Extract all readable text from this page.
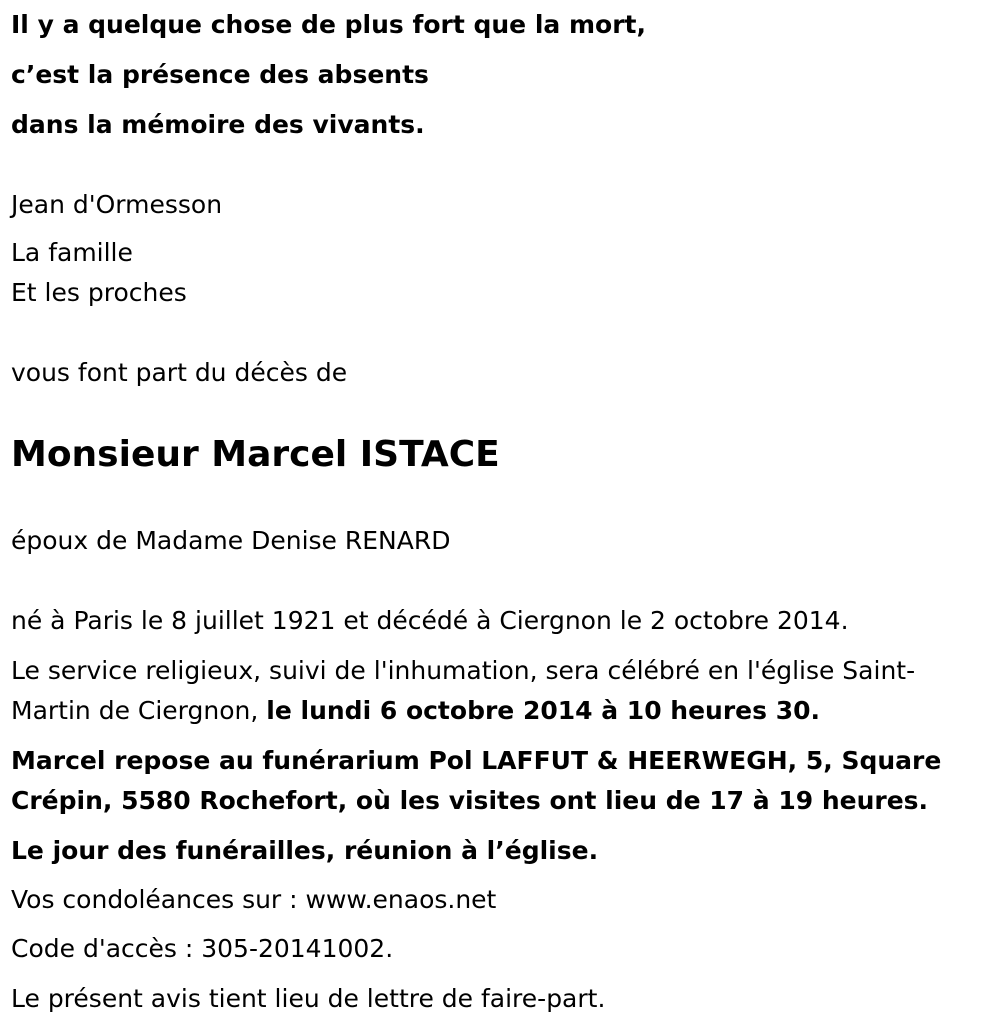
Il y a quelque chose de plus fort que la mort,
c’est la présence des absents
dans la mémoire des vivants.
Jean d'Ormesson
La famille
Et les proches
vous font part du décès de
Monsieur Marcel ISTACE
époux de Madame Denise RENARD
né à Paris le 8 juillet 1921 et décédé à Ciergnon le 2 octobre 2014.
Le service religieux, suivi de l'inhumation, sera célébré en l'église Saint-Martin de Ciergnon, le lundi 6 octobre 2014 à 10 heures 30.
Marcel repose au funérarium Pol LAFFUT & HEERWEGH, 5, Square Crépin, 5580 Rochefort, où les visites ont lieu de 17 à 19 heures.
Le jour des funérailles, réunion à l’église.
Vos condoléances sur : www.enaos.net
Code d'accès : 305-20141002.
Le présent avis tient lieu de lettre de faire-part.
